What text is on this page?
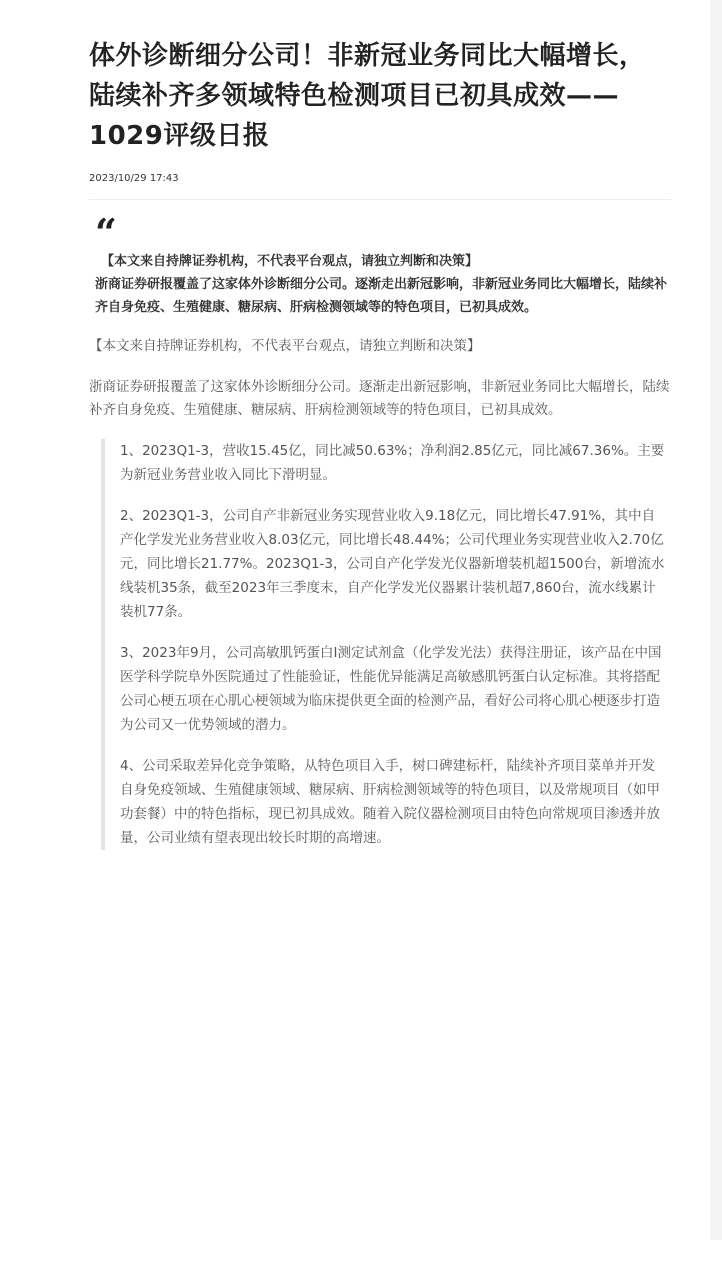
体外诊断细分公司！非新冠业务同比大幅增长，陆续补齐多领域特色检测项目已初具成效——1029评级日报
2023/10/29 17:43
“
【本文来自持牌证券机构，不代表平台观点，请独立判断和决策】
浙商证券研报覆盖了这家体外诊断细分公司。逐渐走出新冠影响，非新冠业务同比大幅增长，陆续补齐自身免疫、生殖健康、糖尿病、肝病检测领域等的特色项目，已初具成效。

【本文来自持牌证券机构，不代表平台观点，请独立判断和决策】

浙商证券研报覆盖了这家体外诊断细分公司。逐渐走出新冠影响，非新冠业务同比大幅增长，陆续补齐自身免疫、生殖健康、糖尿病、肝病检测领域等的特色项目，已初具成效。

1、2023Q1-3，营收15.45亿，同比减50.63%；净利润2.85亿元，同比减67.36%。主要为新冠业务营业收入同比下滑明显。

2、2023Q1-3，公司自产非新冠业务实现营业收入9.18亿元，同比增长47.91%，其中自产化学发光业务营业收入8.03亿元，同比增长48.44%；公司代理业务实现营业收入2.70亿元，同比增长21.77%。2023Q1-3，公司自产化学发光仪器新增装机超1500台，新增流水线装机35条，截至2023年三季度末，自产化学发光仪器累计装机超7,860台，流水线累计装机77条。

3、2023年9月，公司高敏肌钙蛋白I测定试剂盒（化学发光法）获得注册证，该产品在中国医学科学院阜外医院通过了性能验证，性能优异能满足高敏感肌钙蛋白认定标准。其将搭配公司心梗五项在心肌心梗领域为临床提供更全面的检测产品，看好公司将心肌心梗逐步打造为公司又一优势领域的潜力。

4、公司采取差异化竞争策略，从特色项目入手，树口碑建标杆，陆续补齐项目菜单并开发自身免疫领域、生殖健康领域、糖尿病、肝病检测领域等的特色项目，以及常规项目（如甲功套餐）中的特色指标，现已初具成效。随着入院仪器检测项目由特色向常规项目渗透并放量，公司业绩有望表现出较长时期的高增速。
